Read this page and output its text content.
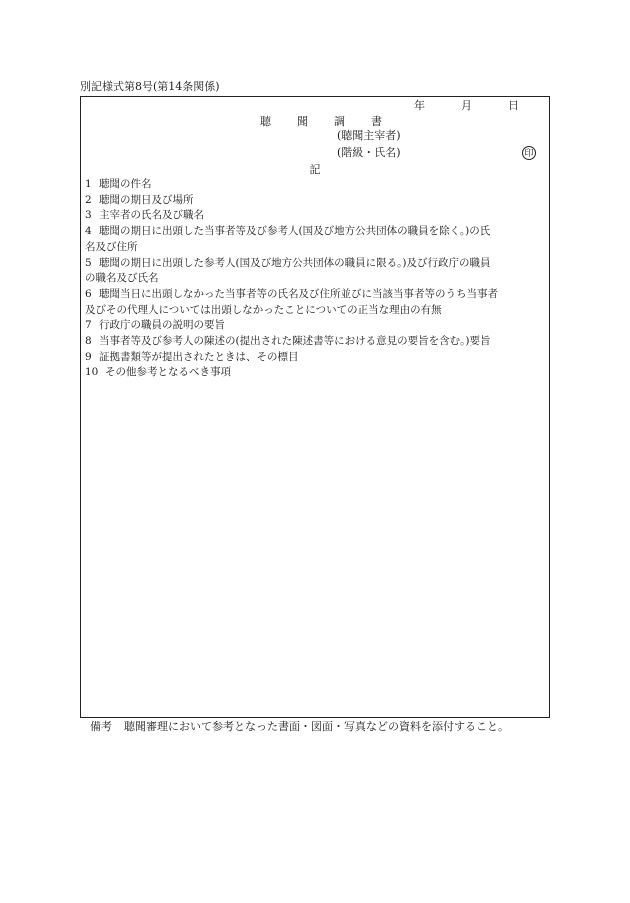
別記様式第8号(第14条関係)
年	月	日
聴 聞 調 書
(聴聞主宰者)
(階級・氏名)	印
記
1 聴聞の件名
2 聴聞の期日及び場所
3 主宰者の氏名及び職名
4 聴聞の期日に出頭した当事者等及び参考人(国及び地方公共団体の職員を除く。)の氏
名及び住所
5 聴聞の期日に出頭した参考人(国及び地方公共団体の職員に限る。)及び行政庁の職員
の職名及び氏名
6 聴聞当日に出頭しなかった当事者等の氏名及び住所並びに当該当事者等のうち当事者
及びその代理人については出頭しなかったことについての正当な理由の有無
7 行政庁の職員の説明の要旨
8 当事者等及び参考人の陳述の(提出された陳述書等における意見の要旨を含む。)要旨
9 証拠書類等が提出されたときは、その標目
10 その他参考となるべき事項
備考 聴聞審理において参考となった書面・図面・写真などの資料を添付すること。
